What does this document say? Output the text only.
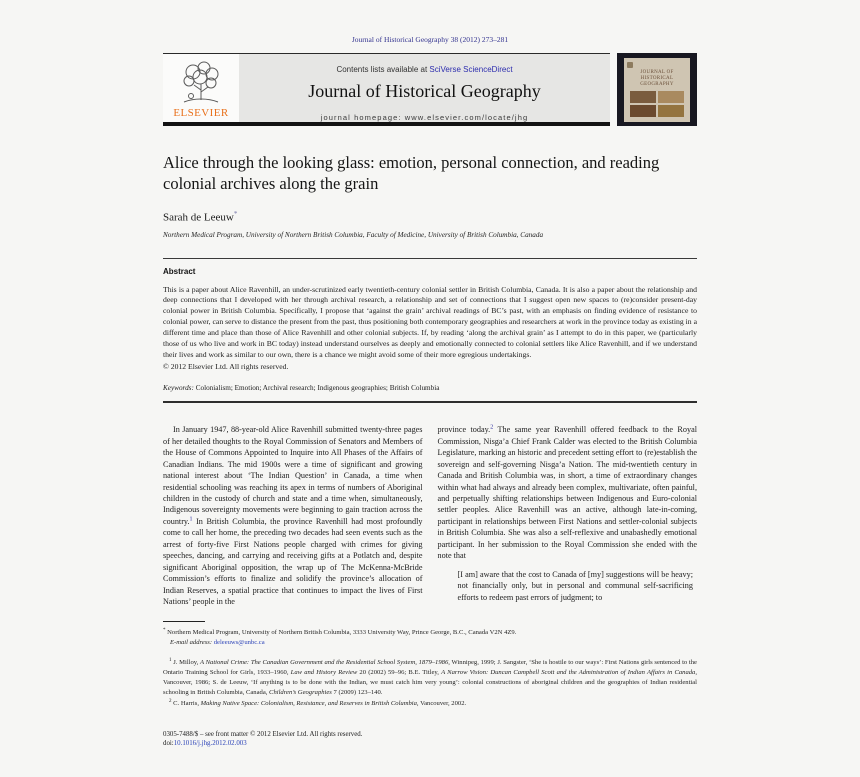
Journal of Historical Geography 38 (2012) 273–281
ELSEVIER
Contents lists available at SciVerse ScienceDirect
Journal of Historical Geography
journal homepage: www.elsevier.com/locate/jhg
JOURNAL OF
HISTORICAL
GEOGRAPHY
Alice through the looking glass: emotion, personal connection, and reading colonial archives along the grain
Sarah de Leeuw*
Northern Medical Program, University of Northern British Columbia, Faculty of Medicine, University of British Columbia, Canada
Abstract
This is a paper about Alice Ravenhill, an under-scrutinized early twentieth-century colonial settler in British Columbia, Canada. It is also a paper about the relationship and deep connections that I developed with her through archival research, a relationship and set of connections that I suggest open new spaces to (re)consider present-day colonial power in British Columbia. Specifically, I propose that ‘against the grain’ archival readings of BC’s past, with an emphasis on finding evidence of resistance to colonial power, can serve to distance the present from the past, thus positioning both contemporary geographies and researchers at work in the province today as existing in a different time and place than those of Alice Ravenhill and other colonial subjects. If, by reading ‘along the archival grain’ as I attempt to do in this paper, we (particularly those of us who live and work in BC today) instead understand ourselves as deeply and emotionally connected to colonial settlers like Alice Ravenhill, and if we understand their lives and work as similar to our own, there is a chance we might avoid some of their more egregious undertakings.
© 2012 Elsevier Ltd. All rights reserved.
Keywords: Colonialism; Emotion; Archival research; Indigenous geographies; British Columbia

In January 1947, 88-year-old Alice Ravenhill submitted twenty-three pages of her detailed thoughts to the Royal Commission of Senators and Members of the House of Commons Appointed to Inquire into All Phases of the Affairs of Canadian Indians. The mid 1900s were a time of significant and growing national interest about ‘The Indian Question’ in Canada, a time when residential schooling was reaching its apex in terms of numbers of Aboriginal children in the custody of church and state and a time when, simultaneously, Indigenous sovereignty movements were beginning to gain traction across the country.$^1$ In British Columbia, the province Ravenhill had most profoundly come to call her home, the preceding two decades had seen events such as the arrest of forty-five First Nations people charged with crimes for giving speeches, dancing, and carrying and receiving gifts at a Potlatch and, despite significant Aboriginal opposition, the wrap up of The McKenna-McBride Commission’s efforts to finalize and solidify the province’s allocation of Indian Reserves, a spatial practice that continues to impact the lives of First Nations’ people in the

province today.$^2$ The same year Ravenhill offered feedback to the Royal Commission, Nisga’a Chief Frank Calder was elected to the British Columbia Legislature, marking an historic and precedent setting effort to (re)establish the sovereign and self-governing Nisga’a Nation. The mid-twentieth century in Canada and British Columbia was, in short, a time of extraordinary changes within what had always and already been complex, multivariate, often painful, and perpetually shifting relationships between Indigenous and Euro-colonial settler peoples. Alice Ravenhill was an active, although late-in-coming, participant in relationships between First Nations and settler-colonial subjects in British Columbia. She was also a self-reflexive and unabashedly emotional participant. In her submission to the Royal Commission she ended with the note that

[I am] aware that the cost to Canada of [my] suggestions will be heavy; not financially only, but in personal and communal self-sacrificing efforts to redeem past errors of judgment; to

* Northern Medical Program, University of Northern British Columbia, 3333 University Way, Prince George, B.C., Canada V2N 4Z9.
E-mail address: deleeuws@unbc.ca
$^1$ J. Milloy, A National Crime: The Canadian Government and the Residential School System, 1879–1986, Winnipeg, 1999; J. Sangster, ‘She is hostile to our ways’: First Nations girls sentenced to the Ontario Training School for Girls, 1933–1960, Law and History Review 20 (2002) 59–96; B.E. Titley, A Narrow Vision: Duncan Campbell Scott and the Administration of Indian Affairs in Canada, Vancouver, 1986; S. de Leeuw, ‘If anything is to be done with the Indian, we must catch him very young’: colonial constructions of aboriginal children and the geographies of Indian residential schooling in British Columbia, Canada, Children’s Geographies 7 (2009) 123–140.
$^2$ C. Harris, Making Native Space: Colonialism, Resistance, and Reserves in British Columbia, Vancouver, 2002.
0305-7488/$ – see front matter © 2012 Elsevier Ltd. All rights reserved.
doi:10.1016/j.jhg.2012.02.003
